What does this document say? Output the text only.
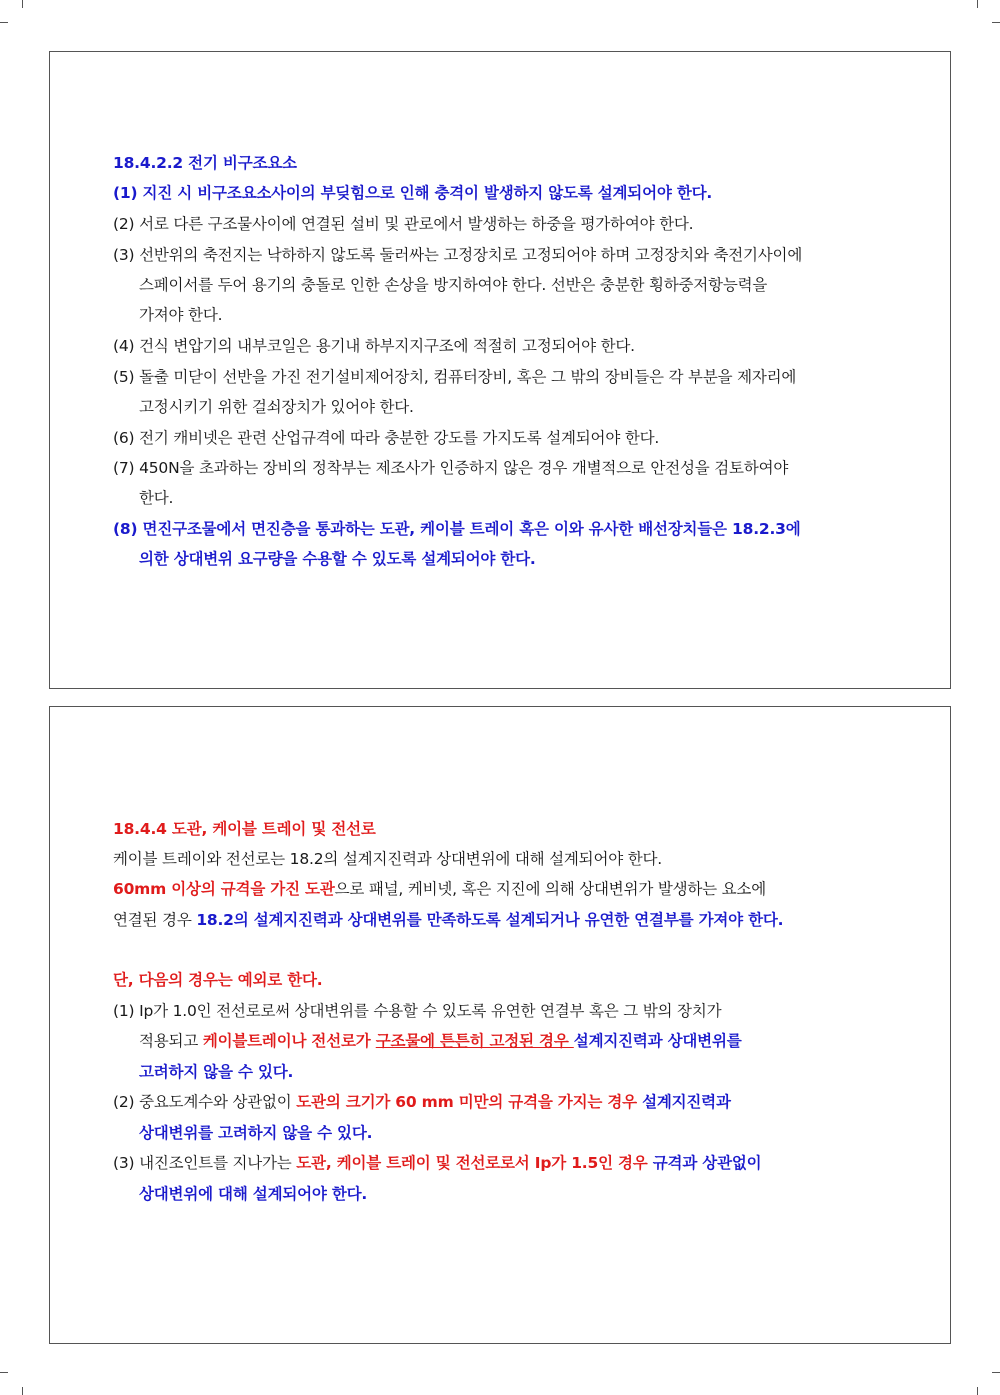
18.4.2.2 전기 비구조요소
(1) 지진 시 비구조요소사이의 부딪힘으로 인해 충격이 발생하지 않도록 설계되어야 한다.
(2) 서로 다른 구조물사이에 연결된 설비 및 관로에서 발생하는 하중을 평가하여야 한다.
(3) 선반위의 축전지는 낙하하지 않도록 둘러싸는 고정장치로 고정되어야 하며 고정장치와 축전기사이에
스페이서를 두어 용기의 충돌로 인한 손상을 방지하여야 한다. 선반은 충분한 횡하중저항능력을
가져야 한다.
(4) 건식 변압기의 내부코일은 용기내 하부지지구조에 적절히 고정되어야 한다.
(5) 돌출 미닫이 선반을 가진 전기설비제어장치, 컴퓨터장비, 혹은 그 밖의 장비들은 각 부분을 제자리에
고정시키기 위한 걸쇠장치가 있어야 한다.
(6) 전기 캐비넷은 관련 산업규격에 따라 충분한 강도를 가지도록 설계되어야 한다.
(7) 450N을 초과하는 장비의 정착부는 제조사가 인증하지 않은 경우 개별적으로 안전성을 검토하여야
한다.
(8) 면진구조물에서 면진층을 통과하는 도관, 케이블 트레이 혹은 이와 유사한 배선장치들은 18.2.3에
의한 상대변위 요구량을 수용할 수 있도록 설계되어야 한다.
18.4.4 도관, 케이블 트레이 및 전선로
케이블 트레이와 전선로는 18.2의 설계지진력과 상대변위에 대해 설계되어야 한다.
60mm 이상의 규격을 가진 도관으로 패널, 케비넷, 혹은 지진에 의해 상대변위가 발생하는 요소에
연결된 경우 18.2의 설계지진력과 상대변위를 만족하도록 설계되거나 유연한 연결부를 가져야 한다.
단, 다음의 경우는 예외로 한다.
(1) Ip가 1.0인 전선로로써 상대변위를 수용할 수 있도록 유연한 연결부 혹은 그 밖의 장치가
적용되고 케이블트레이나 전선로가 구조물에 튼튼히 고정된 경우 설계지진력과 상대변위를
고려하지 않을 수 있다.
(2) 중요도계수와 상관없이 도관의 크기가 60 mm 미만의 규격을 가지는 경우 설계지진력과
상대변위를 고려하지 않을 수 있다.
(3) 내진조인트를 지나가는 도관, 케이블 트레이 및 전선로로서 Ip가 1.5인 경우 규격과 상관없이
상대변위에 대해 설계되어야 한다.
